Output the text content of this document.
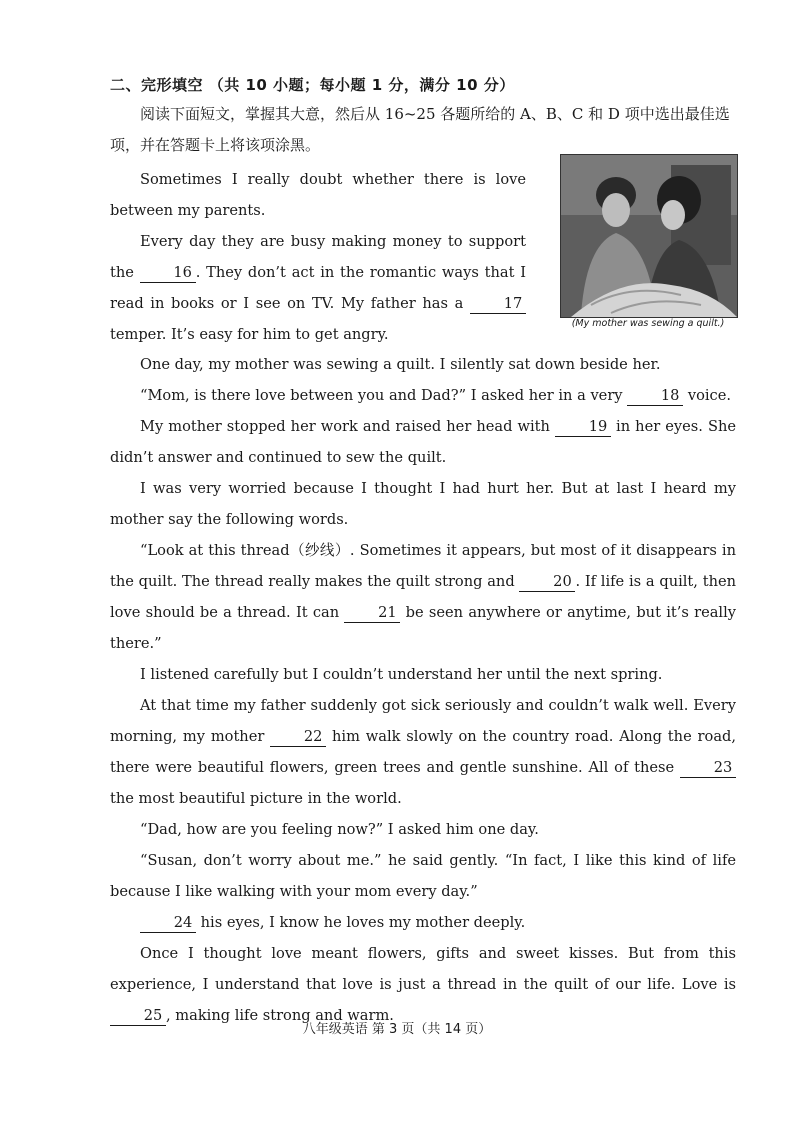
二、完形填空 （共 10 小题；每小题 1 分，满分 10 分）

阅读下面短文，掌握其大意，然后从 16~25 各题所给的 A、B、C 和 D 项中选出最佳选项，并在答题卡上将该项涂黑。

(My mother was sewing a quilt.)

Sometimes I really doubt whether there is love between my parents.

Every day they are busy making money to support the	16 . They don’t act in the romantic ways that I read in books or I see on TV. My father has a	17 temper. It’s easy for him to get angry.

One day, my mother was sewing a quilt. I silently sat down beside her.

“Mom, is there love between you and Dad?” I asked her in a very	18 voice.

My mother stopped her work and raised her head with	19 in her eyes. She didn’t answer and continued to sew the quilt.

I was very worried because I thought I had hurt her. But at last I heard my mother say the following words.

“Look at this thread（纱线）. Sometimes it appears, but most of it disappears in the quilt. The thread really makes the quilt strong and	20 . If life is a quilt, then love should be a thread. It can	21 be seen anywhere or anytime, but it’s really there.”

I listened carefully but I couldn’t understand her until the next spring.

At that time my father suddenly got sick seriously and couldn’t walk well. Every morning, my mother	22 him walk slowly on the country road. Along the road, there were beautiful flowers, green trees and gentle sunshine. All of these	23 the most beautiful picture in the world.

“Dad, how are you feeling now?” I asked him one day.

“Susan, don’t worry about me.” he said gently. “In fact, I like this kind of life because I like walking with your mom every day.”

24 his eyes, I know he loves my mother deeply.

Once I thought love meant flowers, gifts and sweet kisses. But from this experience, I understand that love is just a thread in the quilt of our life. Love is 25 , making life strong and warm.

八年级英语 第 3 页（共 14 页）
